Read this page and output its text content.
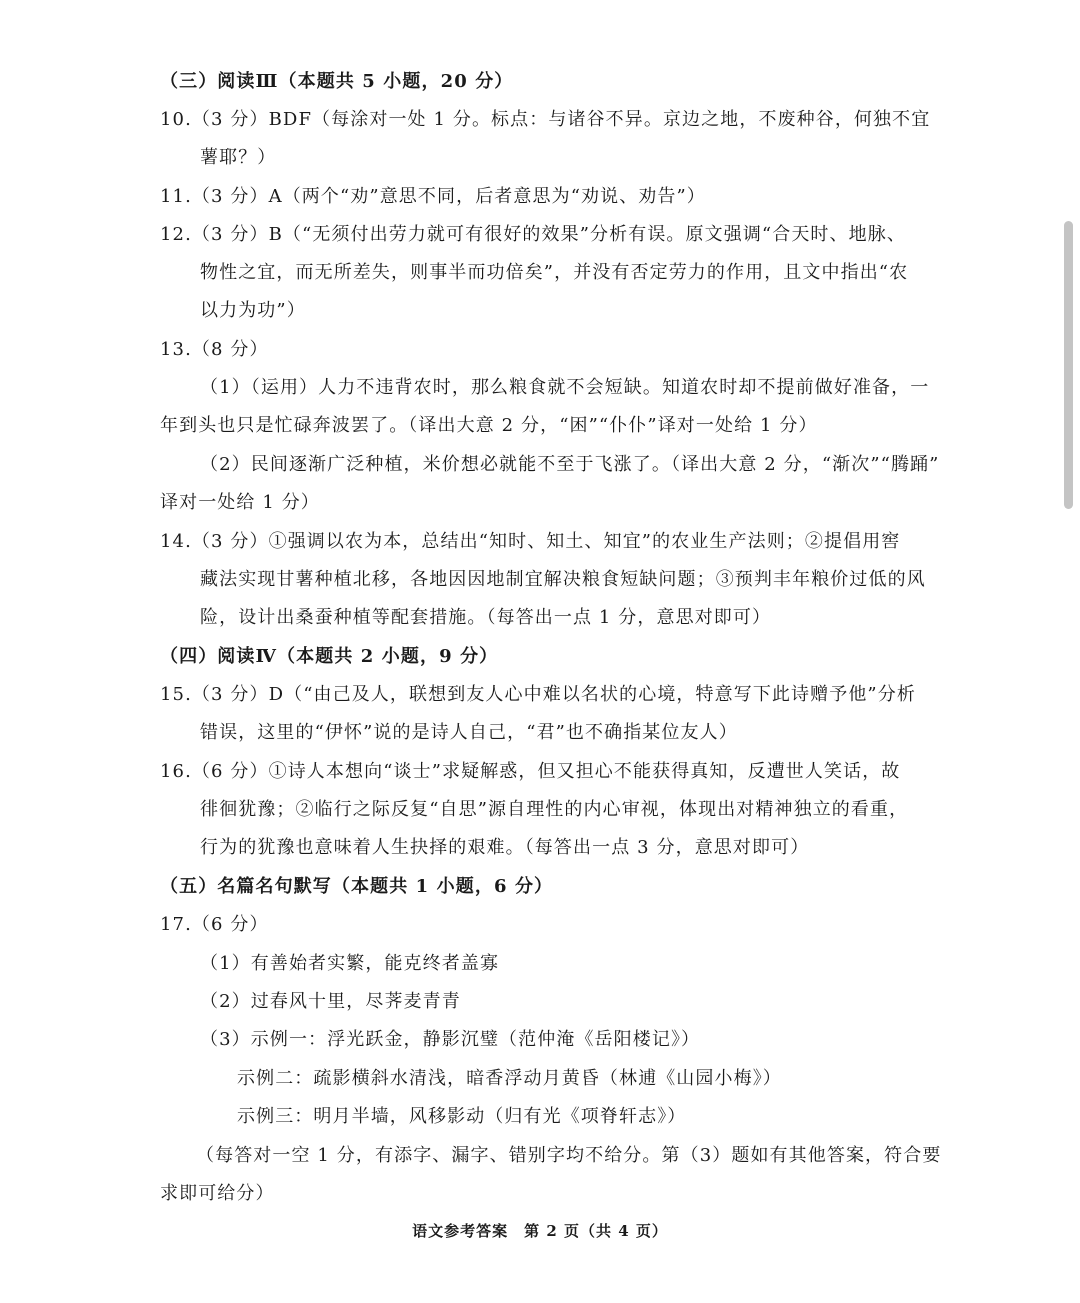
（三）阅读Ⅲ（本题共 5 小题，20 分）
10.（3 分）BDF（每涂对一处 1 分。标点：与诸谷不异。京边之地，不废种谷，何独不宜
薯耶？）
11.（3 分）A（两个“劝”意思不同，后者意思为“劝说、劝告”）
12.（3 分）B（“无须付出劳力就可有很好的效果”分析有误。原文强调“合天时、地脉、
物性之宜，而无所差失，则事半而功倍矣”，并没有否定劳力的作用，且文中指出“农
以力为功”）
13.（8 分）
（1）（运用）人力不违背农时，那么粮食就不会短缺。知道农时却不提前做好准备，一
年到头也只是忙碌奔波罢了。（译出大意 2 分，“困”“仆仆”译对一处给 1 分）
（2）民间逐渐广泛种植，米价想必就能不至于飞涨了。（译出大意 2 分，“渐次”“腾踊”
译对一处给 1 分）
14.（3 分）①强调以农为本，总结出“知时、知土、知宜”的农业生产法则；②提倡用窖
藏法实现甘薯种植北移，各地因因地制宜解决粮食短缺问题；③预判丰年粮价过低的风
险，设计出桑蚕种植等配套措施。（每答出一点 1 分，意思对即可）
（四）阅读Ⅳ（本题共 2 小题，9 分）
15.（3 分）D（“由己及人，联想到友人心中难以名状的心境，特意写下此诗赠予他”分析
错误，这里的“伊怀”说的是诗人自己，“君”也不确指某位友人）
16.（6 分）①诗人本想向“谈士”求疑解惑，但又担心不能获得真知，反遭世人笑话，故
徘徊犹豫；②临行之际反复“自思”源自理性的内心审视，体现出对精神独立的看重，
行为的犹豫也意味着人生抉择的艰难。（每答出一点 3 分，意思对即可）
（五）名篇名句默写（本题共 1 小题，6 分）
17.（6 分）
（1）有善始者实繁，能克终者盖寡
（2）过春风十里，尽荠麦青青
（3）示例一：浮光跃金，静影沉璧（范仲淹《岳阳楼记》）
示例二：疏影横斜水清浅，暗香浮动月黄昏（林逋《山园小梅》）
示例三：明月半墙，风移影动（归有光《项脊轩志》）
（每答对一空 1 分，有添字、漏字、错别字均不给分。第（3）题如有其他答案，符合要
求即可给分）
语文参考答案　第 2 页（共 4 页）
